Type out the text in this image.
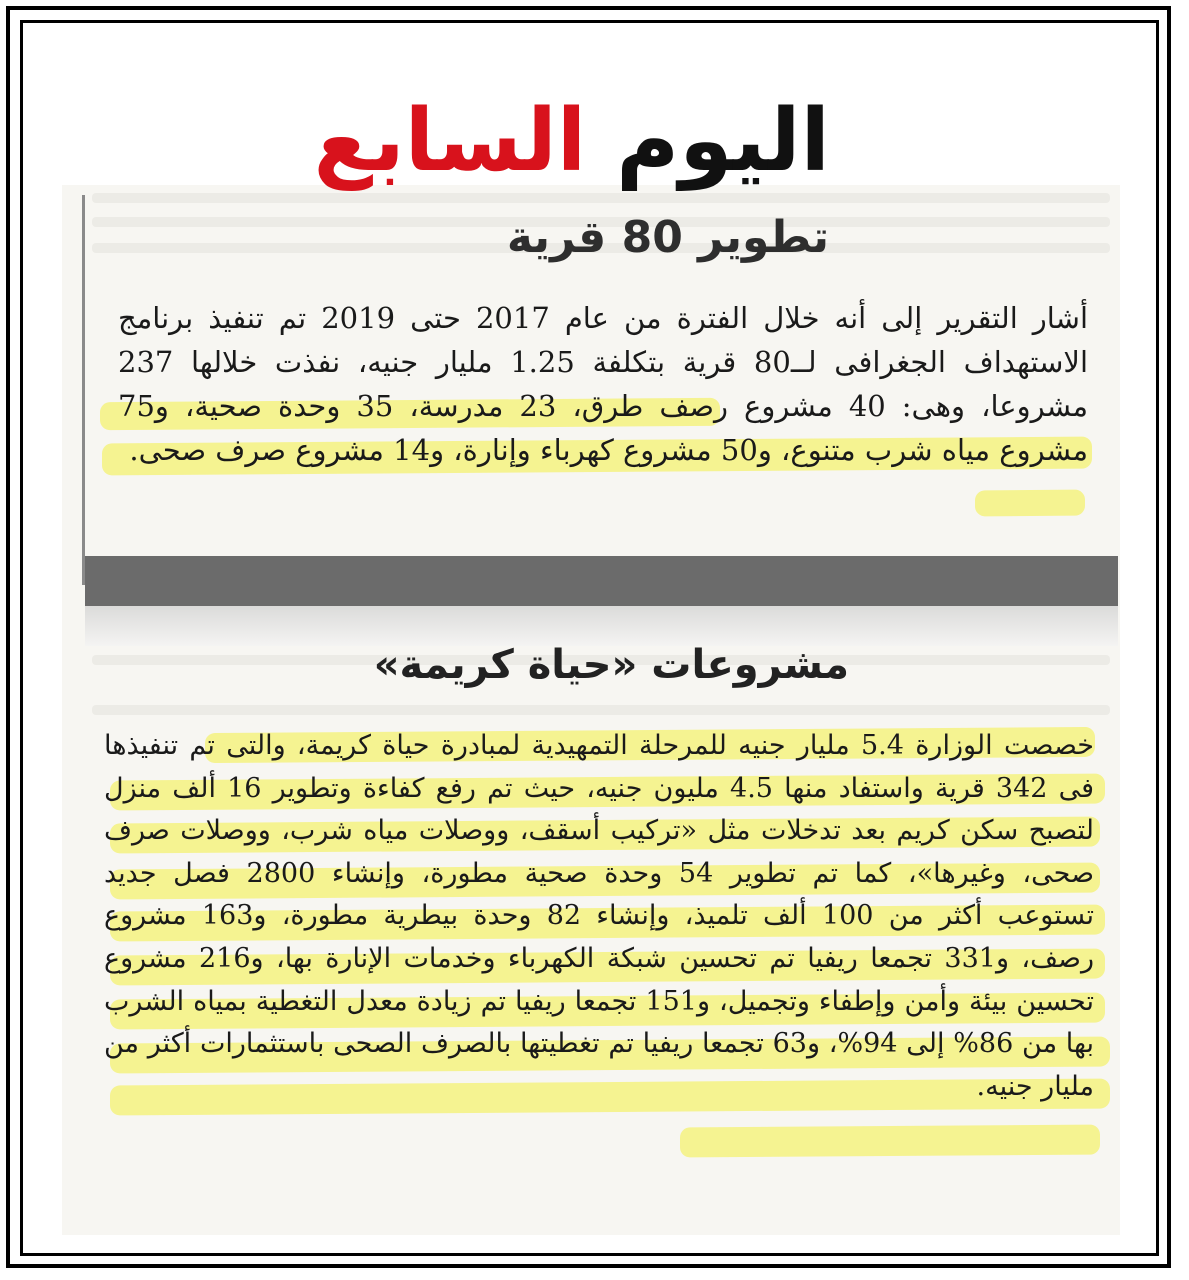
اليوم السابع
تطوير 80 قرية

أشار التقرير إلى أنه خلال الفترة من عام 2017 حتى 2019 تم تنفيذ برنامج الاستهداف الجغرافى لــ80 قرية بتكلفة 1.25 مليار جنيه، نفذت خلالها 237 مشروعا، وهى: 40 مشروع رصف طرق، 23 مدرسة، 35 وحدة صحية، و75 مشروع مياه شرب متنوع، و50 مشروع كهرباء وإنارة، و14 مشروع صرف صحى.

مشروعات «حياة كريمة»

خصصت الوزارة 5.4 مليار جنيه للمرحلة التمهيدية لمبادرة حياة كريمة، والتى تم تنفيذها فى 342 قرية واستفاد منها 4.5 مليون جنيه، حيث تم رفع كفاءة وتطوير 16 ألف منزل لتصبح سكن كريم بعد تدخلات مثل «تركيب أسقف، ووصلات مياه شرب، ووصلات صرف صحى، وغيرها»، كما تم تطوير 54 وحدة صحية مطورة، وإنشاء 2800 فصل جديد تستوعب أكثر من 100 ألف تلميذ، وإنشاء 82 وحدة بيطرية مطورة، و163 مشروع رصف، و331 تجمعا ريفيا تم تحسين شبكة الكهرباء وخدمات الإنارة بها، و216 مشروع تحسين بيئة وأمن وإطفاء وتجميل، و151 تجمعا ريفيا تم زيادة معدل التغطية بمياه الشرب بها من 86% إلى 94%، و63 تجمعا ريفيا تم تغطيتها بالصرف الصحى باستثمارات أكثر من مليار جنيه.
